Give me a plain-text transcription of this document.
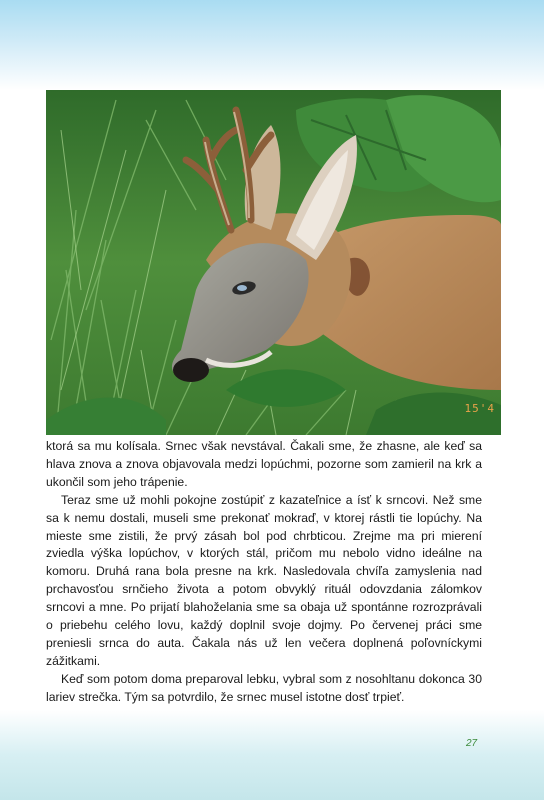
15'4

ktorá sa mu kolísala. Srnec však nevstával. Čakali sme, že zhasne, ale keď sa hlava znova a znova objavovala medzi lopúchmi, pozorne som zamieril na krk a ukončil som jeho trápenie.

Teraz sme už mohli pokojne zostúpiť z kazateľnice a ísť k srncovi. Než sme sa k nemu dostali, museli sme prekonať mokraď, v ktorej rástli tie lopúchy. Na mieste sme zistili, že prvý zásah bol pod chrbticou. Zrejme ma pri mierení zviedla výška lopúchov, v ktorých stál, pričom mu nebolo vidno ideálne na komoru. Druhá rana bola presne na krk. Nasledovala chvíľa zamyslenia nad prchavosťou srnčieho života a potom obvyklý rituál odovzdania zálomkov srncovi a mne. Po prijatí blahoželania sme sa obaja už spontánne rozrozprávali o priebehu celého lovu, každý doplnil svoje dojmy. Po červenej práci sme preniesli srnca do auta. Čakala nás už len večera doplnená poľovníckymi zážitkami.

Keď som potom doma preparoval lebku, vybral som z nosohltanu dokonca 30 lariev strečka. Tým sa potvrdilo, že srnec musel istotne dosť trpieť.

27
